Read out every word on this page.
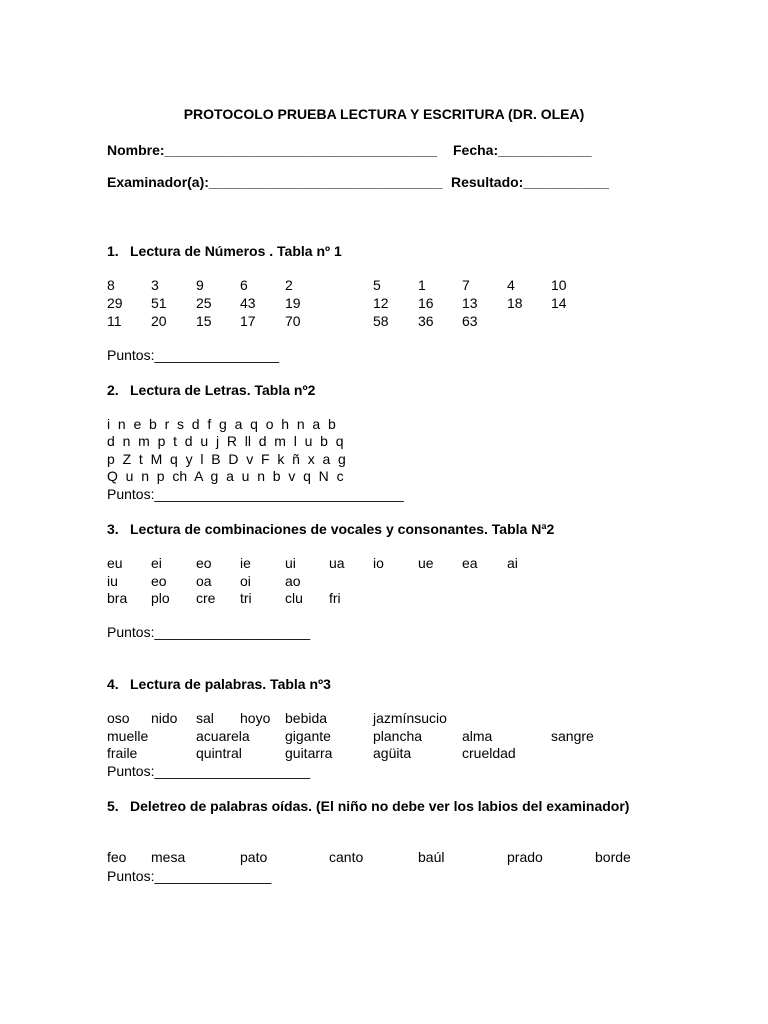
PROTOCOLO PRUEBA LECTURA Y ESCRITURA (DR. OLEA)
Nombre:___________________________________ Fecha:____________
Examinador(a):______________________________ Resultado:___________
1. Lectura de Números . Tabla nº 1
8	3	9	6	2	5	1	7	4	10
29 51 25 43 19	12 16 13 18 14
11 20 15 17 70	58 36 63
Puntos:________________
2. Lectura de Letras. Tabla nº2
i  n  e  b  r  s  d  f  g  a  q  o  h  n  a  b
d  n  m  p  t  d  u  j  R  ll  d  m  l  u  b  q
p  Z  t  M  q  y  l  B  D  v  F  k  ñ  x  a  g
Q  u  n  p  ch  A  g  a  u  n  b  v  q  N  c
Puntos:________________________________
3. Lectura de combinaciones de vocales y consonantes. Tabla Nª2
eu ei eo ie ui ua io ue ea ai
iu eo oa oi ao
bra plo cre tri clu fri
Puntos:____________________
4. Lectura de palabras. Tabla nº3
oso nido sal hoyo bebida	jazmínsucio
muelle	acuarela	gigante	plancha	alma	sangre
fraile	quintral	guitarra	agüita	crueldad
Puntos:____________________
5. Deletreo de palabras oídas. (El niño no debe ver los labios del examinador)
feo mesa	pato	canto	baúl	prado	borde
Puntos:_______________
